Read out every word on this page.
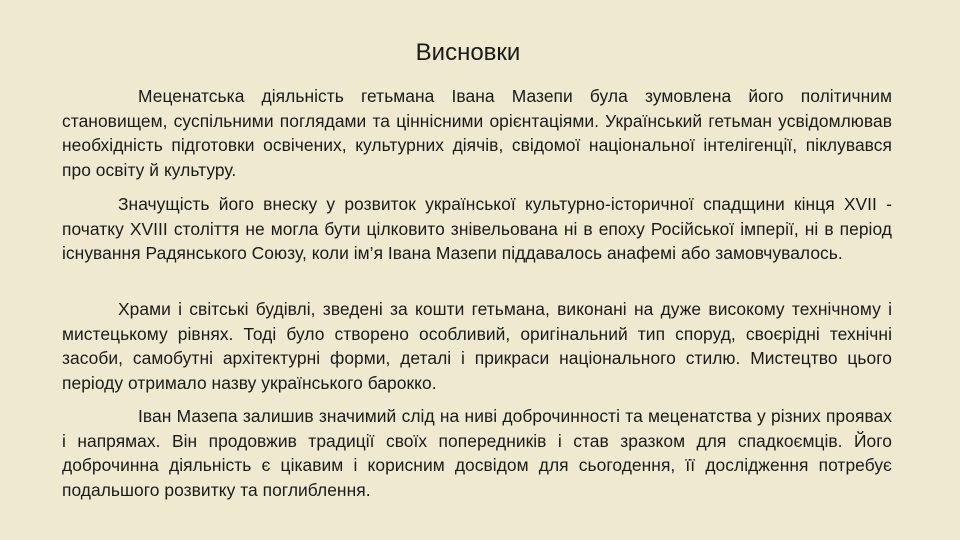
Висновки

Меценатська діяльність гетьмана Івана Мазепи була зумовлена його політичним становищем, суспільними поглядами та ціннісними орієнтаціями. Український гетьман усвідомлював необхідність підготовки освічених, культурних діячів, свідомої національної інтелігенції, піклувався про освіту й культуру.

Значущість його внеску у розвиток української культурно-історичної спадщини кінця XVII - початку XVIII століття не могла бути цілковито знівельована ні в епоху Російської імперії, ні в період існування Радянського Союзу, коли ім’я Івана Мазепи піддавалось анафемі або замовчувалось.

Храми і світські будівлі, зведені за кошти гетьмана, виконані на дуже високому технічному і мистецькому рівнях. Тоді було створено особливий, оригінальний тип споруд, своєрідні технічні засоби, самобутні архітектурні форми, деталі і прикраси національного стилю. Мистецтво цього періоду отримало назву українського барокко.

Іван Мазепа залишив значимий слід на ниві доброчинності та меценатства у різних проявах і напрямах. Він продовжив традиції своїх попередників і став зразком для спадкоємців. Його доброчинна діяльність є цікавим і корисним досвідом для сьогодення, її дослідження потребує подальшого розвитку та поглиблення.
